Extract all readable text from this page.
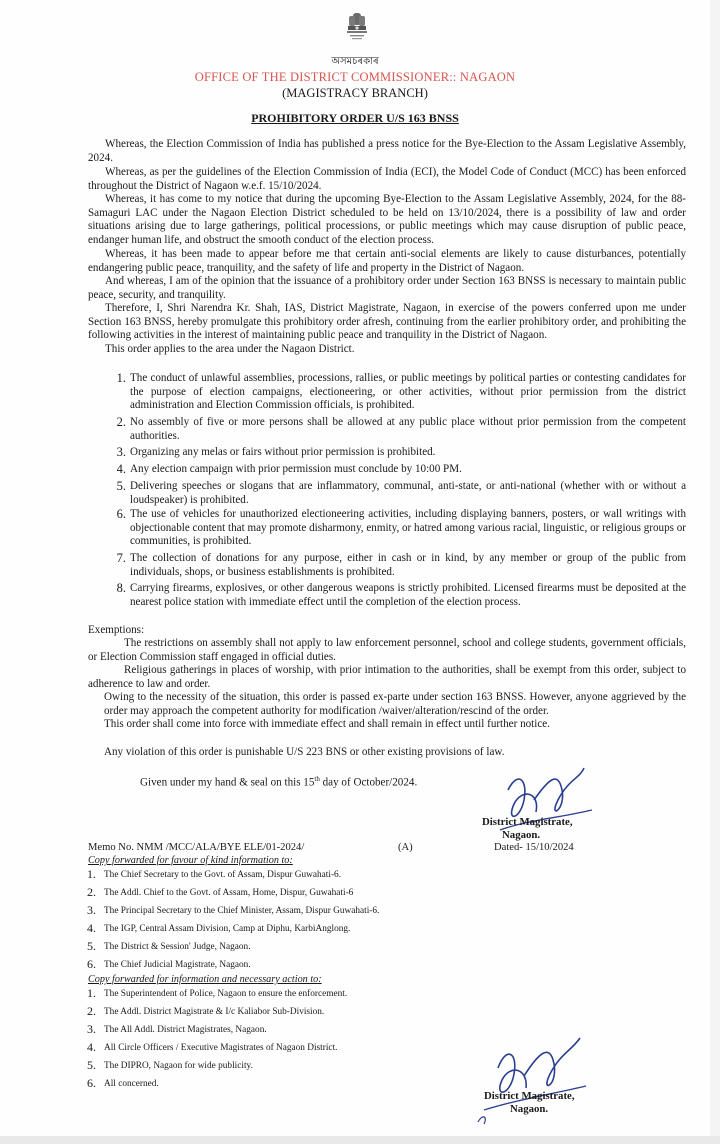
অসমচৰকাৰ
OFFICE OF THE DISTRICT COMMISSIONER:: NAGAON
(MAGISTRACY BRANCH)
PROHIBITORY ORDER U/S 163 BNSS

Whereas, the Election Commission of India has published a press notice for the Bye-Election to the Assam Legislative Assembly, 2024.

Whereas, as per the guidelines of the Election Commission of India (ECI), the Model Code of Conduct (MCC) has been enforced throughout the District of Nagaon w.e.f. 15/10/2024.

Whereas, it has come to my notice that during the upcoming Bye-Election to the Assam Legislative Assembly, 2024, for the 88-Samaguri LAC under the Nagaon Election District scheduled to be held on 13/10/2024, there is a possibility of law and order situations arising due to large gatherings, political processions, or public meetings which may cause disruption of public peace, endanger human life, and obstruct the smooth conduct of the election process.

Whereas, it has been made to appear before me that certain anti-social elements are likely to cause disturbances, potentially endangering public peace, tranquility, and the safety of life and property in the District of Nagaon.

And whereas, I am of the opinion that the issuance of a prohibitory order under Section 163 BNSS is necessary to maintain public peace, security, and tranquility.

Therefore, I, Shri Narendra Kr. Shah, IAS, District Magistrate, Nagaon, in exercise of the powers conferred upon me under Section 163 BNSS, hereby promulgate this prohibitory order afresh, continuing from the earlier prohibitory order, and prohibiting the following activities in the interest of maintaining public peace and tranquility in the District of Nagaon.

This order applies to the area under the Nagaon District.

1. The conduct of unlawful assemblies, processions, rallies, or public meetings by political parties or contesting candidates for the purpose of election campaigns, electioneering, or other activities, without prior permission from the district administration and Election Commission officials, is prohibited.

2. No assembly of five or more persons shall be allowed at any public place without prior permission from the competent authorities.

3. Organizing any melas or fairs without prior permission is prohibited.

4. Any election campaign with prior permission must conclude by 10:00 PM.

5. Delivering speeches or slogans that are inflammatory, communal, anti-state, or anti-national (whether with or without a loudspeaker) is prohibited.

6. The use of vehicles for unauthorized electioneering activities, including displaying banners, posters, or wall writings with objectionable content that may promote disharmony, enmity, or hatred among various racial, linguistic, or religious groups or communities, is prohibited.

7. The collection of donations for any purpose, either in cash or in kind, by any member or group of the public from individuals, shops, or business establishments is prohibited.

8. Carrying firearms, explosives, or other dangerous weapons is strictly prohibited. Licensed firearms must be deposited at the nearest police station with immediate effect until the completion of the election process.

Exemptions:

The restrictions on assembly shall not apply to law enforcement personnel, school and college students, government officials, or Election Commission staff engaged in official duties.

Religious gatherings in places of worship, with prior intimation to the authorities, shall be exempt from this order, subject to adherence to law and order.

Owing to the necessity of the situation, this order is passed ex-parte under section 163 BNSS. However, anyone aggrieved by the order may approach the competent authority for modification /waiver/alteration/rescind of the order.

This order shall come into force with immediate effect and shall remain in effect until further notice.

Any violation of this order is punishable U/S 223 BNS or other existing provisions of law.

Given under my hand & seal on this 15th day of October/2024.

District Magistrate,
Nagaon.
Memo No. NMM /MCC/ALA/BYE ELE/01-2024/	(A)	Dated- 15/10/2024
Copy forwarded for favour of kind information to:
1. The Chief Secretary to the Govt. of Assam, Dispur Guwahati-6.
2. The Addl. Chief to the Govt. of Assam, Home, Dispur, Guwahati-6
3. The Principal Secretary to the Chief Minister, Assam, Dispur Guwahati-6.
4. The IGP, Central Assam Division, Camp at Diphu, KarbiAnglong.
5. The District & Session' Judge, Nagaon.
6. The Chief Judicial Magistrate, Nagaon.
Copy forwarded for information and necessary action to:
1. The Superintendent of Police, Nagaon to ensure the enforcement.
2. The Addl. District Magistrate & I/c Kaliabor Sub-Division.
3. The All Addl. District Magistrates, Nagaon.
4. All Circle Officers / Executive Magistrates of Nagaon District.
5. The DIPRO, Nagaon for wide publicity.
6. All concerned.
District Magistrate,
Nagaon.
